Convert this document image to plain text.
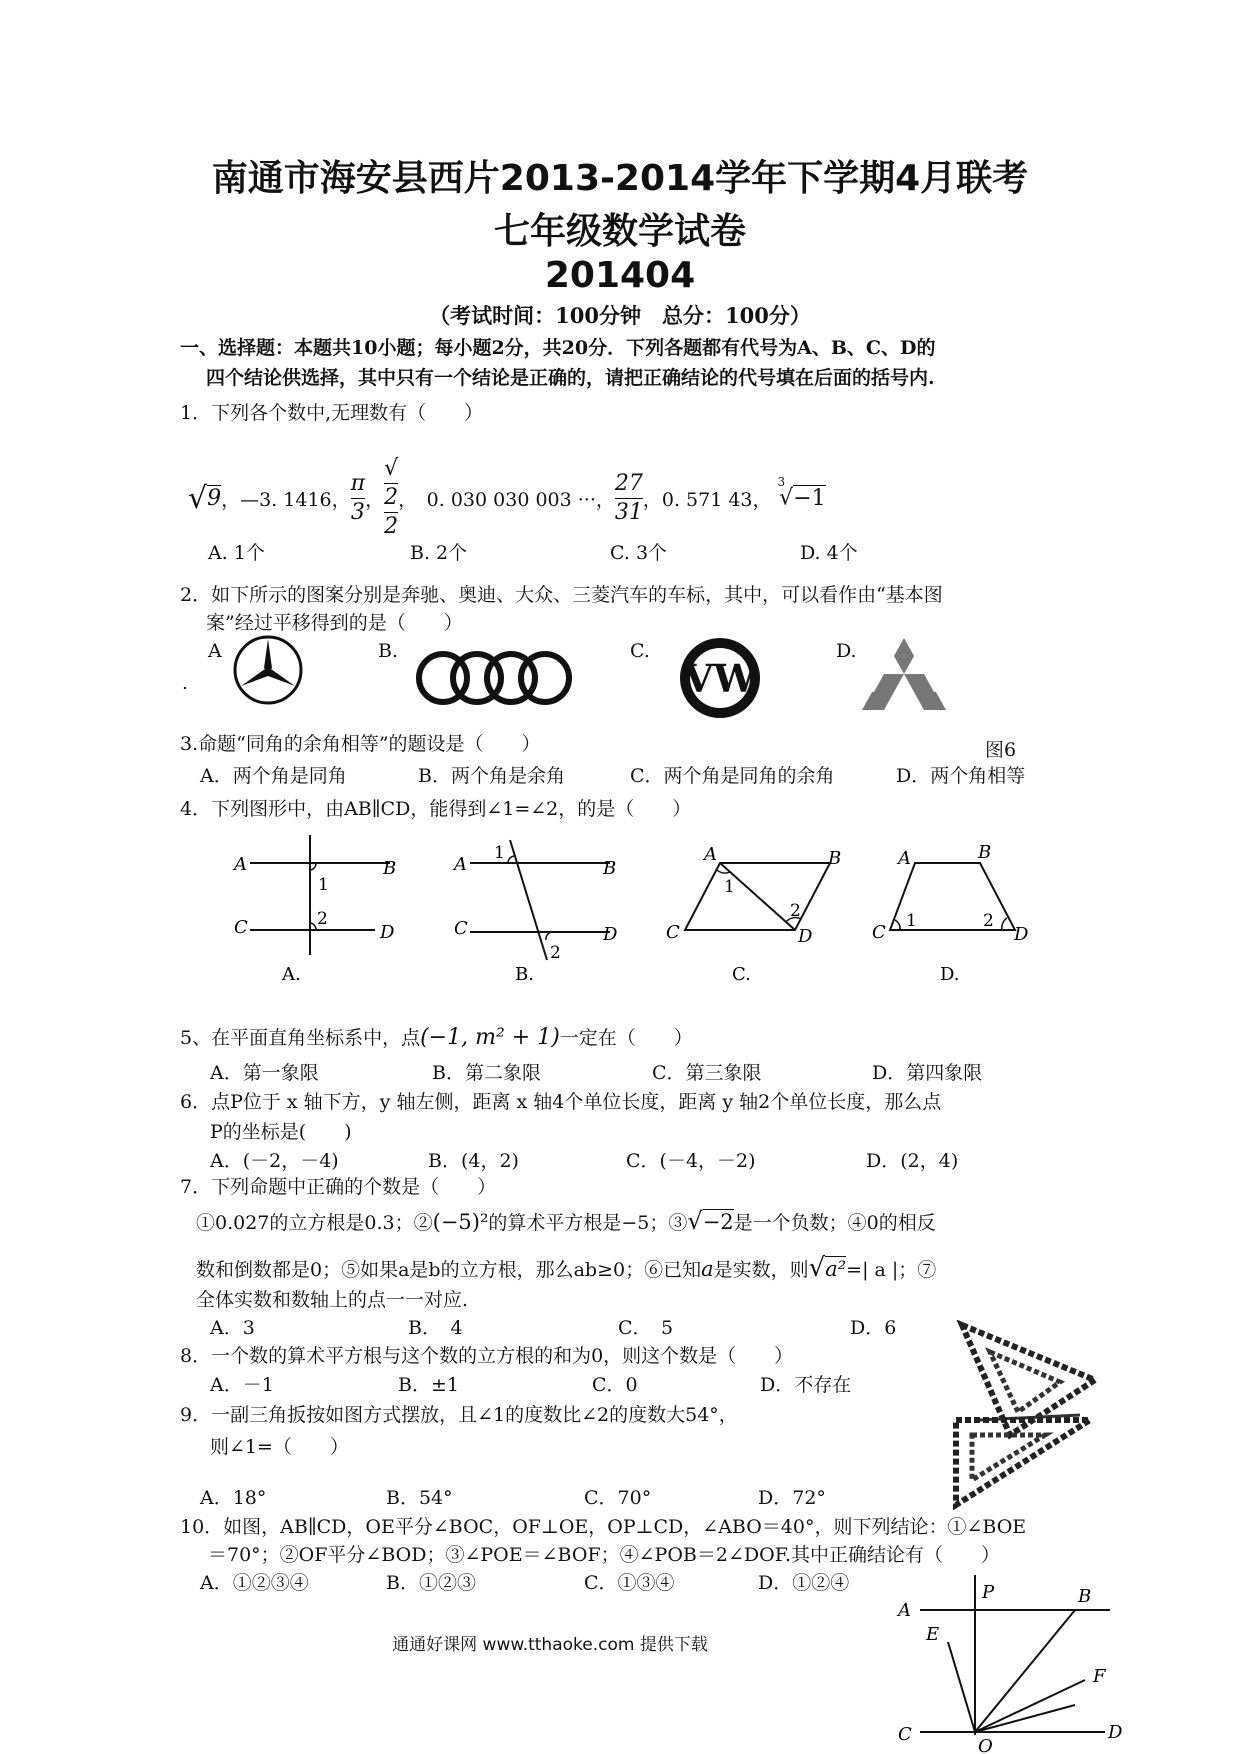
南通市海安县西片2013-2014学年下学期4月联考
七年级数学试卷
201404
（考试时间：100分钟　总分：100分）
一、选择题：本题共10小题；每小题2分，共20分．下列各题都有代号为A、B、C、D的
四个结论供选择，其中只有一个结论是正确的，请把正确结论的代号填在后面的括号内.
1．下列各个数中,无理数有（　　）
√ 9 ，—3. 1416， $\frac{\pi}{3}$ ， √
2
2 ，　0. 030 030 003 ···， $\frac{27}{31}$ ，0. 571 43，
$^3$√−1
A. 1个	B. 2个	C. 3个	D. 4个
2．如下所示的图案分别是奔驰、奥迪、大众、三菱汽车的车标，其中，可以看作由“基本图
案”经过平移得到的是（　　）
A
.
B.	C.	D.
VW
图6
3.命题“同角的余角相等”的题设是（　　）
A．两个角是同角	B．两个角是余角	C．两个角是同角的余角	D．两个角相等
4．下列图形中，由AB∥CD，能得到∠1=∠2，的是（　　）
A	B
C	D
1
2
A.
A	B
C	D
1
2
B.
A	B
C	D
1
2
C.
A	B
C	D
1	2
D.
5、在平面直角坐标系中，点(−1, m² + 1)一定在（　　）
A．第一象限	B．第二象限	C．第三象限	D．第四象限
6．点P位于 x 轴下方，y 轴左侧，距离 x 轴4个单位长度，距离 y 轴2个单位长度，那么点
P的坐标是(　　)
A．(－2，－4)	B．(4，2)	C．(－4，－2)	D．(2，4)
7．下列命题中正确的个数是（　　）
①0.027的立方根是0.3；②(−5)²的算术平方根是−5；③√−2是一个负数；④0的相反
数和倒数都是0；⑤如果a是b的立方根，那么ab≥0；⑥已知a是实数，则√a²=| a |；⑦
全体实数和数轴上的点一一对应.
A．3	B．　4	C．　5	D．6
8．一个数的算术平方根与这个数的立方根的和为0，则这个数是（　　）
A．－1	B．±1	C．0	D．不存在
9．一副三角扳按如图方式摆放，且∠1的度数比∠2的度数大54°，
则∠1=（　　）
A．18°	B．54°	C．70°	D．72°
10．如图，AB∥CD，OE平分∠BOC，OF⊥OE，OP⊥CD，∠ABO＝40°，则下列结论：①∠BOE
＝70°；②OF平分∠BOD；③∠POE＝∠BOF；④∠POB＝2∠DOF.其中正确结论有（　　）
A．①②③④	B．①②③	C．①③④	D．①②④
A
P	B
E
F
C
O
D
通通好课网 www.tthaoke.com 提供下载
